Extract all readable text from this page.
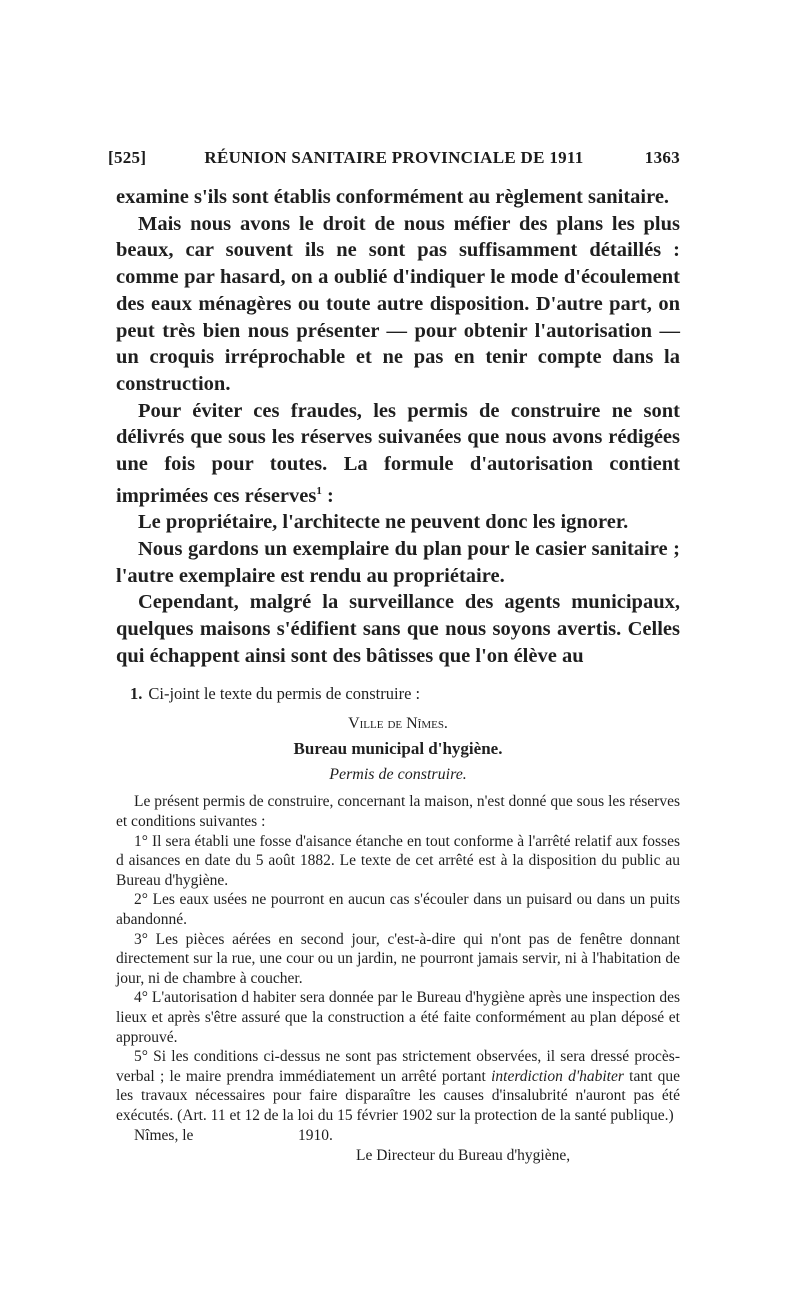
[525]	RÉUNION SANITAIRE PROVINCIALE DE 1911	1363

examine s'ils sont établis conformément au règlement sanitaire.

Mais nous avons le droit de nous méfier des plans les plus beaux, car souvent ils ne sont pas suffisamment détaillés : comme par hasard, on a oublié d'indiquer le mode d'écoulement des eaux ménagères ou toute autre disposition. D'autre part, on peut très bien nous présenter — pour obtenir l'autorisation — un croquis irréprochable et ne pas en tenir compte dans la construction.

Pour éviter ces fraudes, les permis de construire ne sont délivrés que sous les réserves suivanées que nous avons rédigées une fois pour toutes. La formule d'autorisation contient imprimées ces réserves$^1$ :

Le propriétaire, l'architecte ne peuvent donc les ignorer.

Nous gardons un exemplaire du plan pour le casier sanitaire ; l'autre exemplaire est rendu au propriétaire.

Cependant, malgré la surveillance des agents municipaux, quelques maisons s'édifient sans que nous soyons avertis. Celles qui échappent ainsi sont des bâtisses que l'on élève au

1. Ci-joint le texte du permis de construire :

Ville de Nîmes.

Bureau municipal d'hygiène.

Permis de construire.

Le présent permis de construire, concernant la maison, n'est donné que sous les réserves et conditions suivantes :

1° Il sera établi une fosse d'aisance étanche en tout conforme à l'arrêté relatif aux fosses d aisances en date du 5 août 1882. Le texte de cet arrêté est à la disposition du public au Bureau d'hygiène.

2° Les eaux usées ne pourront en aucun cas s'écouler dans un puisard ou dans un puits abandonné.

3° Les pièces aérées en second jour, c'est-à-dire qui n'ont pas de fenêtre donnant directement sur la rue, une cour ou un jardin, ne pourront jamais servir, ni à l'habitation de jour, ni de chambre à coucher.

4° L'autorisation d habiter sera donnée par le Bureau d'hygiène après une inspection des lieux et après s'être assuré que la construction a été faite conformément au plan déposé et approuvé.

5° Si les conditions ci-dessus ne sont pas strictement observées, il sera dressé procès-verbal ; le maire prendra immédiatement un arrêté portant interdiction d'habiter tant que les travaux nécessaires pour faire disparaître les causes d'insalubrité n'auront pas été exécutés. (Art. 11 et 12 de la loi du 15 février 1902 sur la protection de la santé publique.)

Nîmes, le	1910.

Le Directeur du Bureau d'hygiène,
